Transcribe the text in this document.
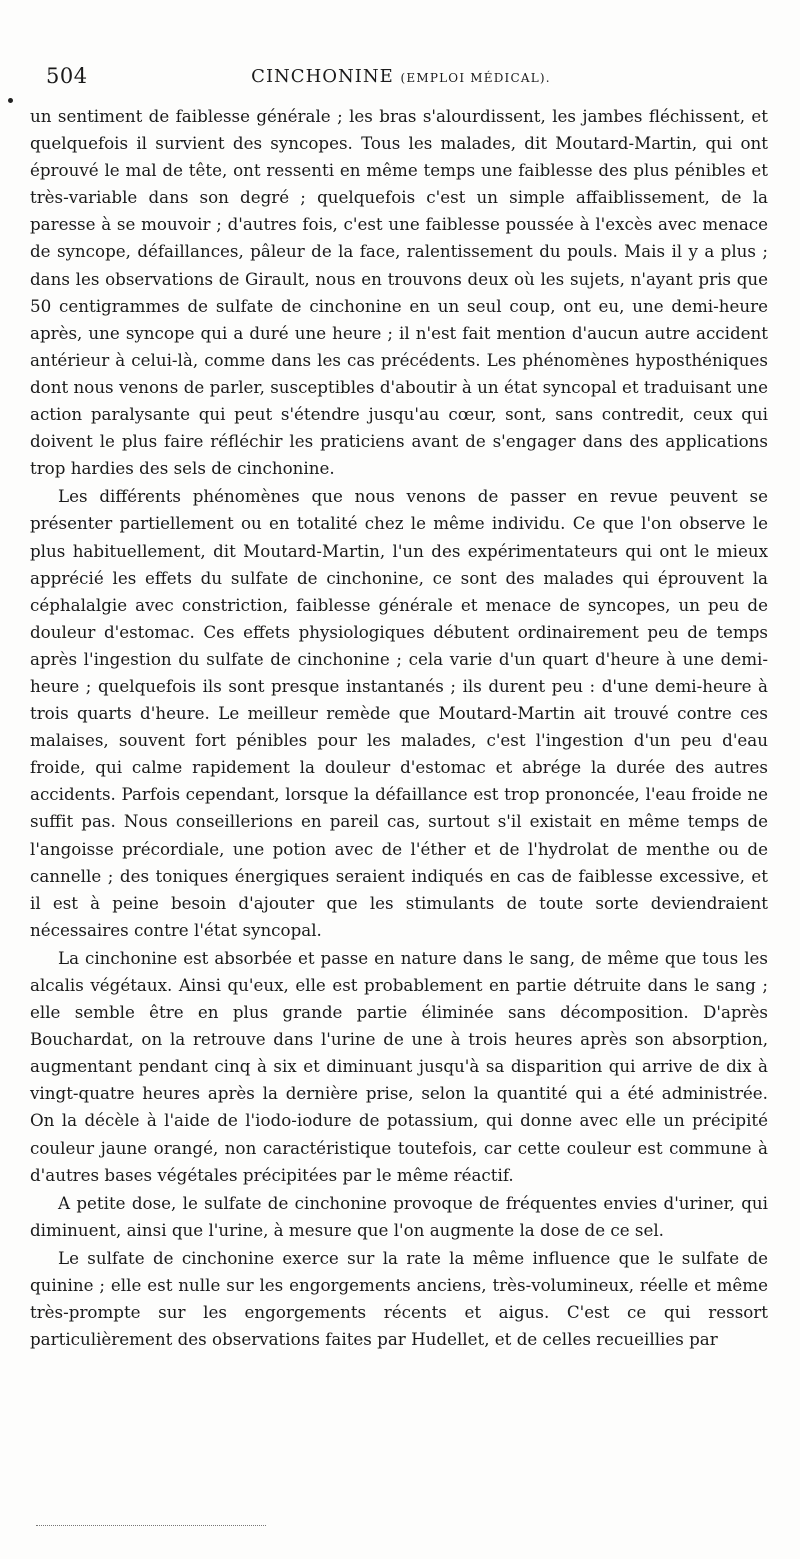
504	CINCHONINE (EMPLOI MÉDICAL).

un sentiment de faiblesse générale ; les bras s'alourdissent, les jambes fléchissent, et quelquefois il survient des syncopes. Tous les malades, dit Moutard-Martin, qui ont éprouvé le mal de tête, ont ressenti en même temps une faiblesse des plus pénibles et très-variable dans son degré ; quelquefois c'est un simple affaiblissement, de la paresse à se mouvoir ; d'autres fois, c'est une faiblesse poussée à l'excès avec menace de syncope, défaillances, pâleur de la face, ralentissement du pouls. Mais il y a plus ; dans les observations de Girault, nous en trouvons deux où les sujets, n'ayant pris que 50 centigrammes de sulfate de cinchonine en un seul coup, ont eu, une demi-heure après, une syncope qui a duré une heure ; il n'est fait mention d'aucun autre accident antérieur à celui-là, comme dans les cas précédents. Les phénomènes hyposthéniques dont nous venons de parler, susceptibles d'aboutir à un état syncopal et traduisant une action paralysante qui peut s'étendre jusqu'au cœur, sont, sans contredit, ceux qui doivent le plus faire réfléchir les praticiens avant de s'engager dans des applications trop hardies des sels de cinchonine.

Les différents phénomènes que nous venons de passer en revue peuvent se présenter partiellement ou en totalité chez le même individu. Ce que l'on observe le plus habituellement, dit Moutard-Martin, l'un des expérimentateurs qui ont le mieux apprécié les effets du sulfate de cinchonine, ce sont des malades qui éprouvent la céphalalgie avec constriction, faiblesse générale et menace de syncopes, un peu de douleur d'estomac. Ces effets physiologiques débutent ordinairement peu de temps après l'ingestion du sulfate de cinchonine ; cela varie d'un quart d'heure à une demi-heure ; quelquefois ils sont presque instantanés ; ils durent peu : d'une demi-heure à trois quarts d'heure. Le meilleur remède que Moutard-Martin ait trouvé contre ces malaises, souvent fort pénibles pour les malades, c'est l'ingestion d'un peu d'eau froide, qui calme rapidement la douleur d'estomac et abrége la durée des autres accidents. Parfois cependant, lorsque la défaillance est trop prononcée, l'eau froide ne suffit pas. Nous conseillerions en pareil cas, surtout s'il existait en même temps de l'angoisse précordiale, une potion avec de l'éther et de l'hydrolat de menthe ou de cannelle ; des toniques énergiques seraient indiqués en cas de faiblesse excessive, et il est à peine besoin d'ajouter que les stimulants de toute sorte deviendraient nécessaires contre l'état syncopal.

La cinchonine est absorbée et passe en nature dans le sang, de même que tous les alcalis végétaux. Ainsi qu'eux, elle est probablement en partie détruite dans le sang ; elle semble être en plus grande partie éliminée sans décomposition. D'après Bouchardat, on la retrouve dans l'urine de une à trois heures après son absorption, augmentant pendant cinq à six et diminuant jusqu'à sa disparition qui arrive de dix à vingt-quatre heures après la dernière prise, selon la quantité qui a été administrée. On la décèle à l'aide de l'iodo-iodure de potassium, qui donne avec elle un précipité couleur jaune orangé, non caractéristique toutefois, car cette couleur est commune à d'autres bases végétales précipitées par le même réactif.

A petite dose, le sulfate de cinchonine provoque de fréquentes envies d'uriner, qui diminuent, ainsi que l'urine, à mesure que l'on augmente la dose de ce sel.

Le sulfate de cinchonine exerce sur la rate la même influence que le sulfate de quinine ; elle est nulle sur les engorgements anciens, très-volumineux, réelle et même très-prompte sur les engorgements récents et aigus. C'est ce qui ressort particulièrement des observations faites par Hudellet, et de celles recueillies par
